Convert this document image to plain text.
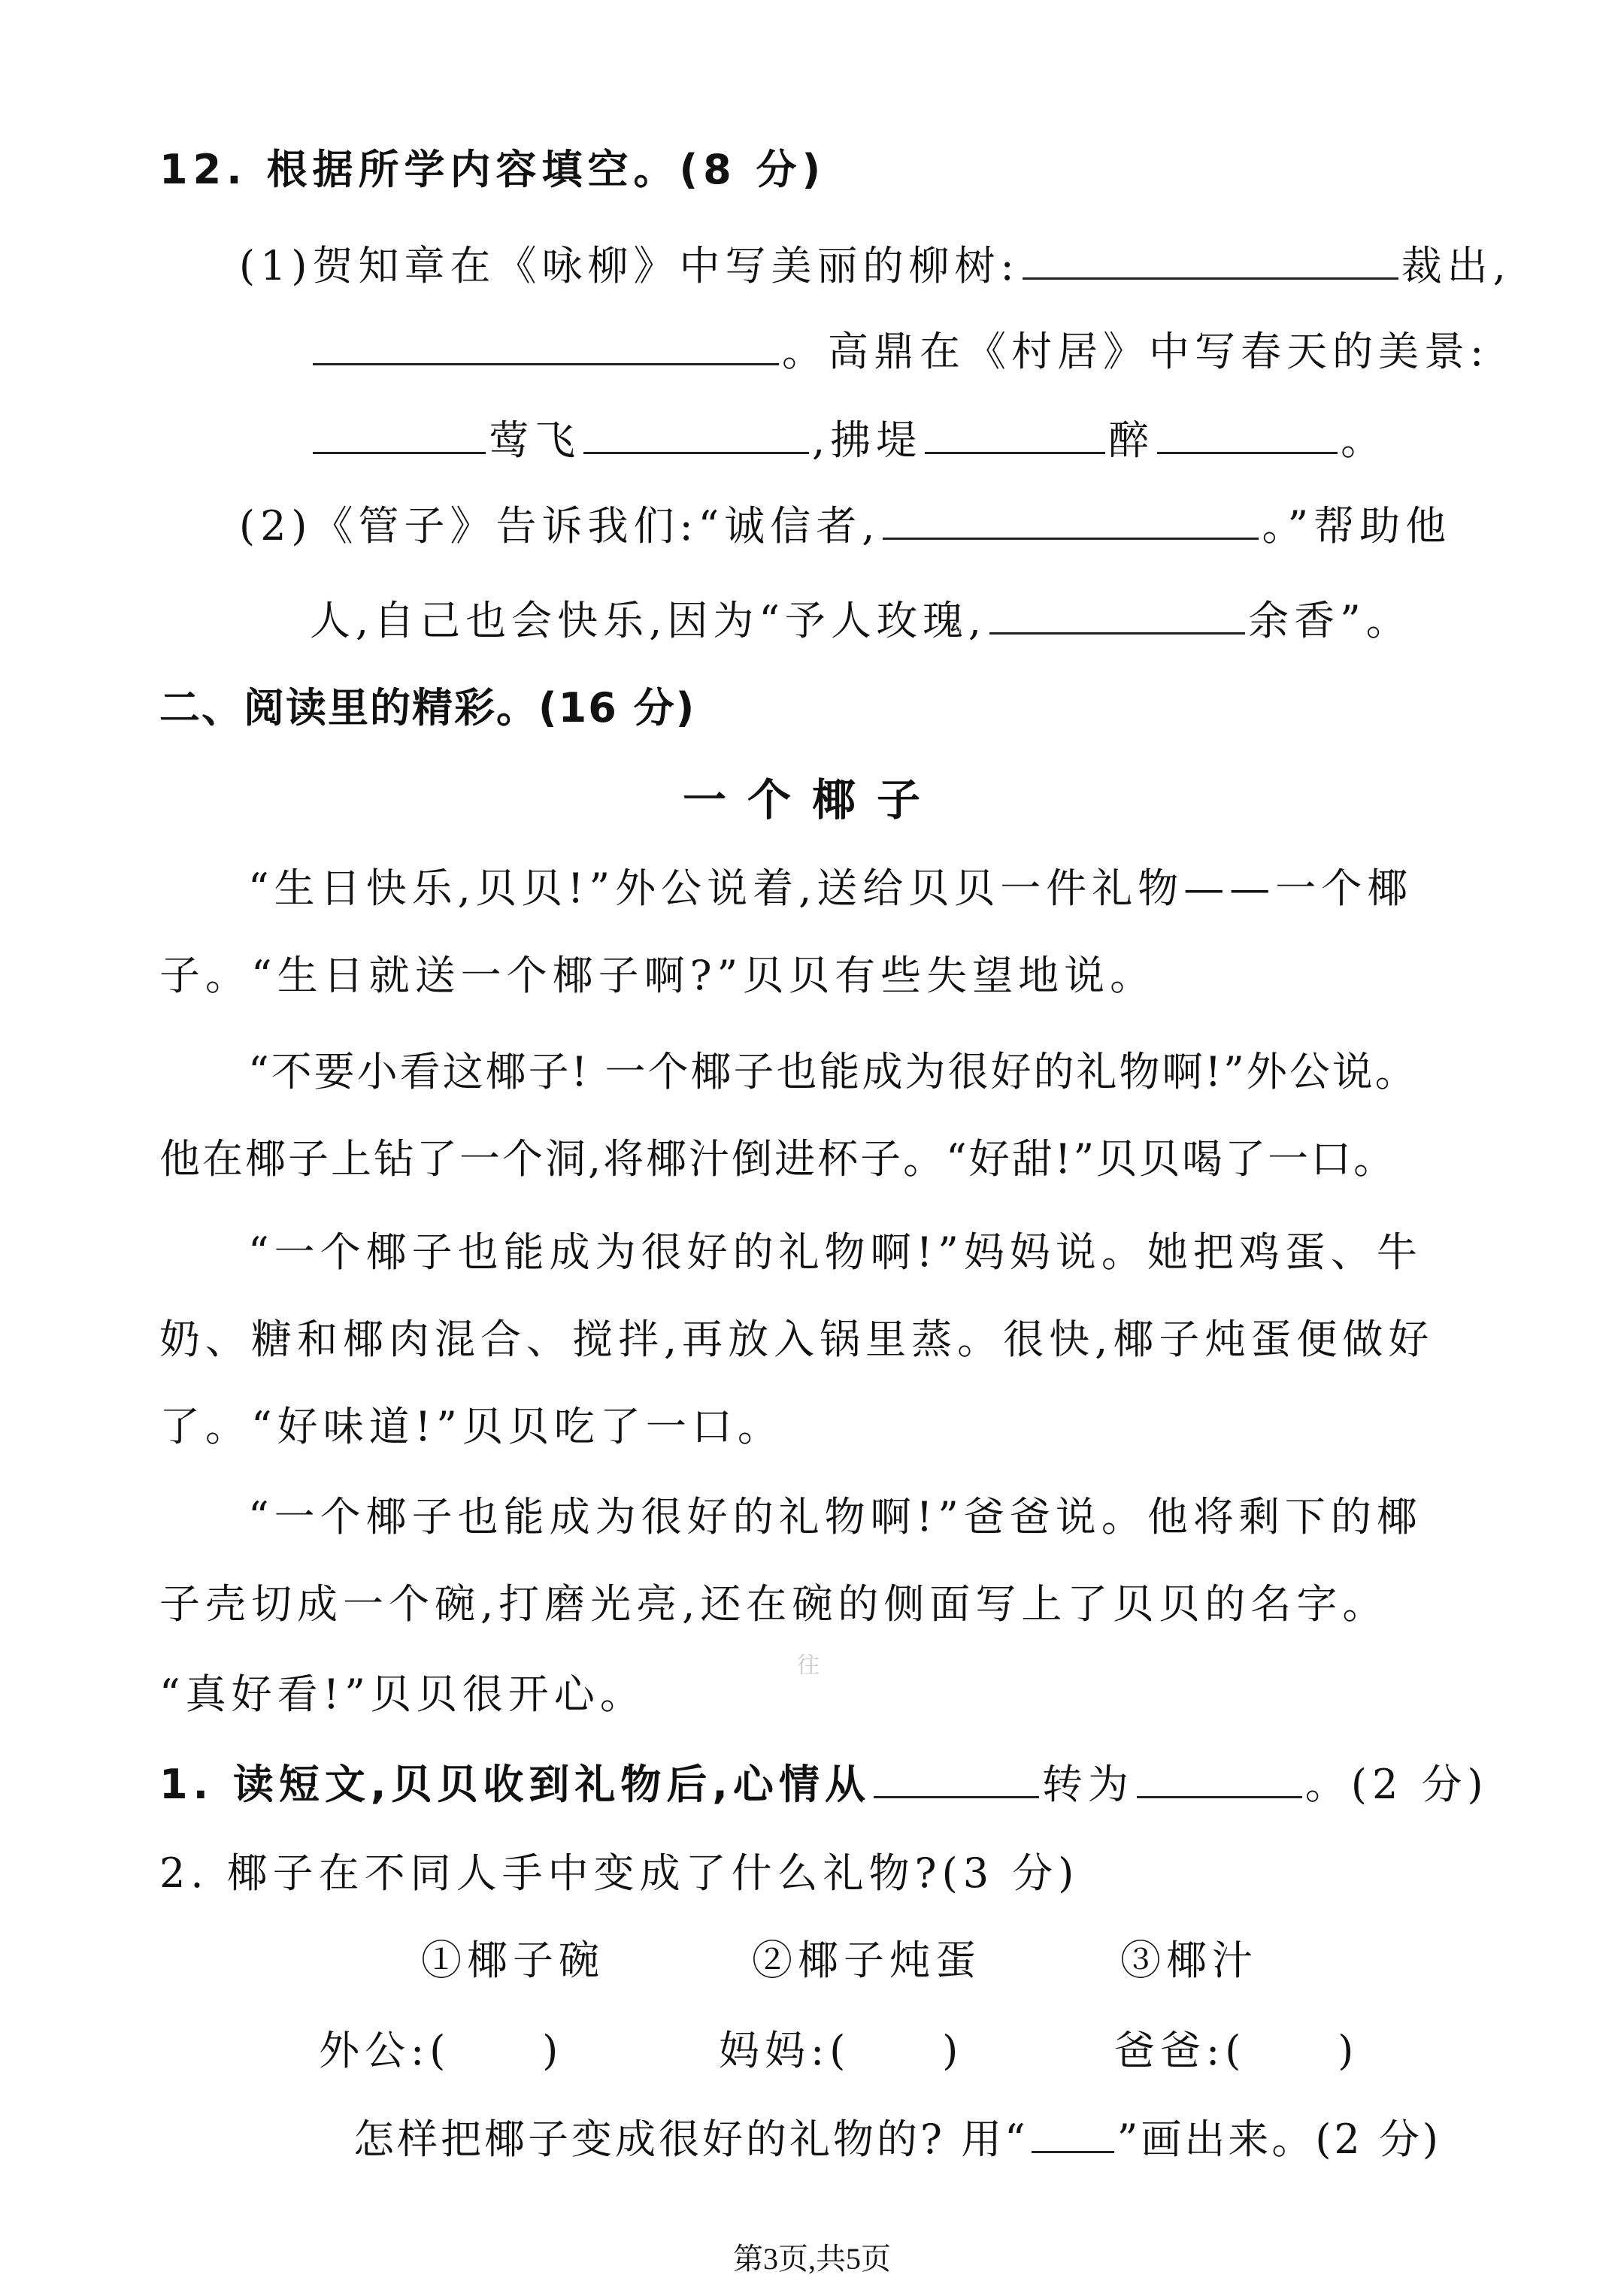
12. 根据所学内容填空。(8 分)
(1)贺知章在《咏柳》中写美丽的柳树:	裁出,
。高鼎在《村居》中写春天的美景:
莺飞	,拂堤	醉	。
(2)《管子》告诉我们:“诚信者,	。”帮助他
人,自己也会快乐,因为“予人玫瑰,	余香”。
二、阅读里的精彩。(16 分)
一个椰子
“生日快乐,贝贝!”外公说着,送给贝贝一件礼物——一个椰
子。“生日就送一个椰子啊?”贝贝有些失望地说。
“不要小看这椰子! 一个椰子也能成为很好的礼物啊!”外公说。
他在椰子上钻了一个洞,将椰汁倒进杯子。“好甜!”贝贝喝了一口。
“一个椰子也能成为很好的礼物啊!”妈妈说。她把鸡蛋、牛
奶、糖和椰肉混合、搅拌,再放入锅里蒸。很快,椰子炖蛋便做好
了。“好味道!”贝贝吃了一口。
“一个椰子也能成为很好的礼物啊!”爸爸说。他将剩下的椰
子壳切成一个碗,打磨光亮,还在碗的侧面写上了贝贝的名字。
往
“真好看!”贝贝很开心。
1. 读短文,贝贝收到礼物后,心情从	转为	。(2 分)
2. 椰子在不同人手中变成了什么礼物?(3 分)
①椰子碗	②椰子炖蛋	③椰汁
外公:(　　)	妈妈:(　　)	爸爸:(　　)
怎样把椰子变成很好的礼物的? 用“ ”画出来。(2 分)
第3页,共5页
